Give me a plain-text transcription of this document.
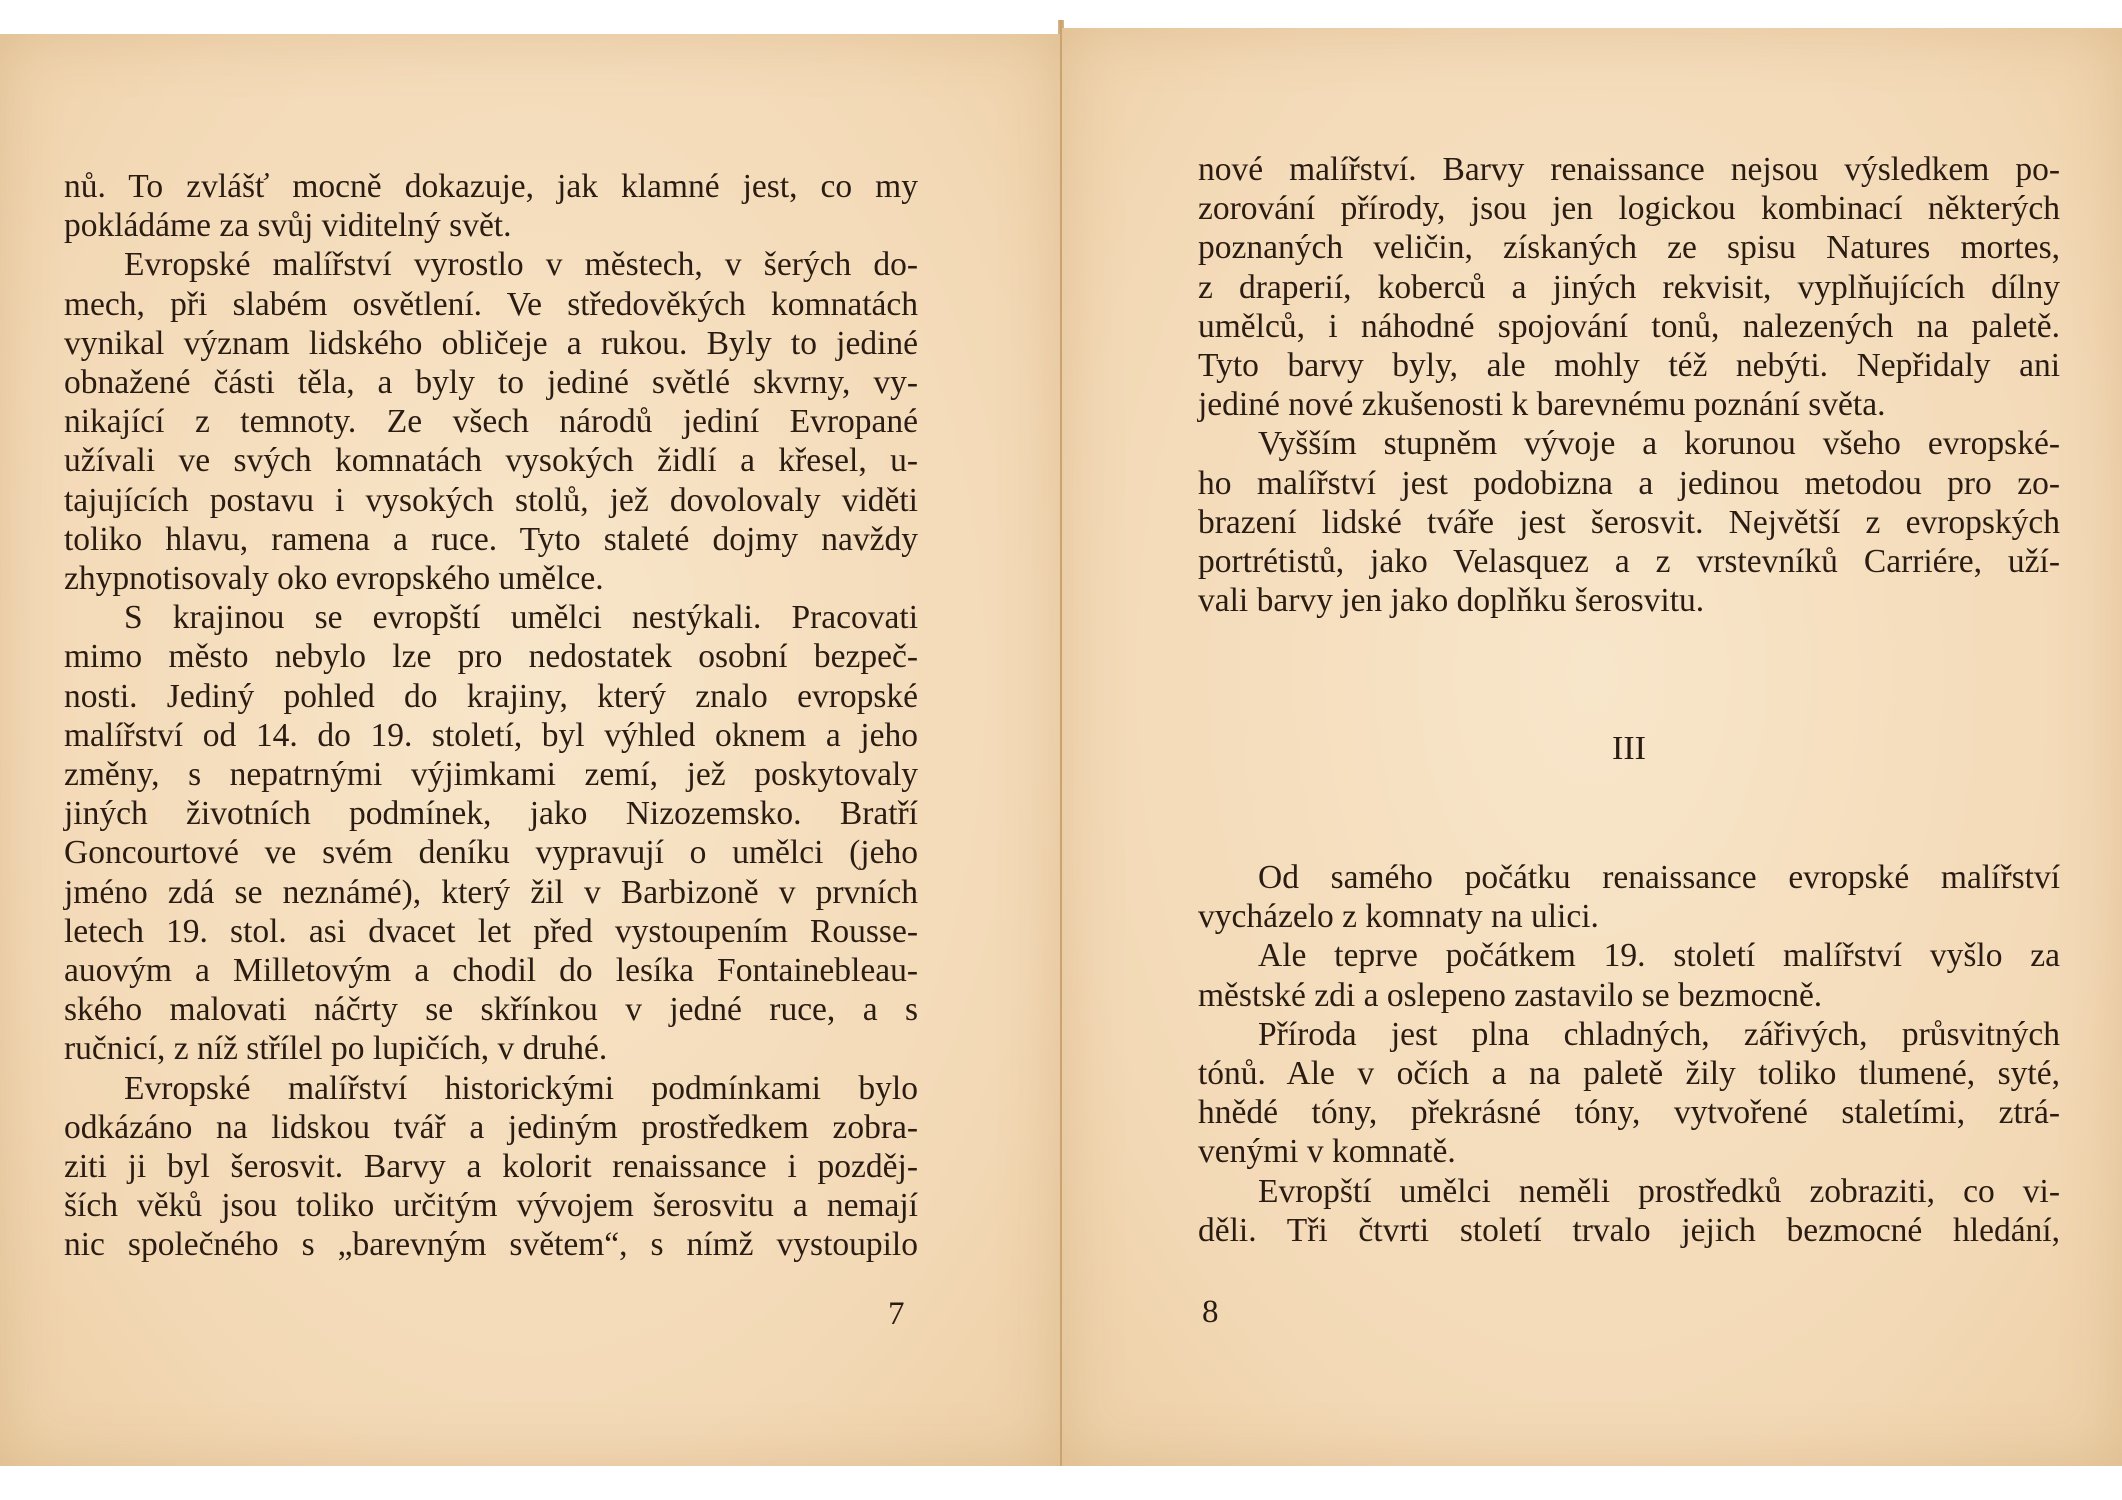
nů. To zvlášť mocně dokazuje, jak klamné jest, co my

pokládáme za svůj viditelný svět.

Evropské malířství vyrostlo v městech, v šerých do-

mech, při slabém osvětlení. Ve středověkých komnatách

vynikal význam lidského obličeje a rukou. Byly to jediné

obnažené části těla, a byly to jediné světlé skvrny, vy-

nikající z temnoty. Ze všech národů jediní Evropané

užívali ve svých komnatách vysokých židlí a křesel, u-

tajujících postavu i vysokých stolů, jež dovolovaly viděti

toliko hlavu, ramena a ruce. Tyto staleté dojmy navždy

zhypnotisovaly oko evropského umělce.

S krajinou se evropští umělci nestýkali. Pracovati

mimo město nebylo lze pro nedostatek osobní bezpeč-

nosti. Jediný pohled do krajiny, který znalo evropské

malířství od 14. do 19. století, byl výhled oknem a jeho

změny, s nepatrnými výjimkami zemí, jež poskytovaly

jiných životních podmínek, jako Nizozemsko. Bratří

Goncourtové ve svém deníku vypravují o umělci (jeho

jméno zdá se neznámé), který žil v Barbizoně v prvních

letech 19. stol. asi dvacet let před vystoupením Rousse-

auovým a Milletovým a chodil do lesíka Fontainebleau-

ského malovati náčrty se skřínkou v jedné ruce, a s

ručnicí, z níž střílel po lupičích, v druhé.

Evropské malířství historickými podmínkami bylo

odkázáno na lidskou tvář a jediným prostředkem zobra-

ziti ji byl šerosvit. Barvy a kolorit renaissance i pozděj-

ších věků jsou toliko určitým vývojem šerosvitu a nemají

nic společného s „barevným světem“, s nímž vystoupilo

7

nové malířství. Barvy renaissance nejsou výsledkem po-

zorování přírody, jsou jen logickou kombinací některých

poznaných veličin, získaných ze spisu Natures mortes,

z draperií, koberců a jiných rekvisit, vyplňujících dílny

umělců, i náhodné spojování tonů, nalezených na paletě.

Tyto barvy byly, ale mohly též nebýti. Nepřidaly ani

jediné nové zkušenosti k barevnému poznání světa.

Vyšším stupněm vývoje a korunou všeho evropské-

ho malířství jest podobizna a jedinou metodou pro zo-

brazení lidské tváře jest šerosvit. Největší z evropských

portrétistů, jako Velasquez a z vrstevníků Carriére, uží-

vali barvy jen jako doplňku šerosvitu.

III

Od samého počátku renaissance evropské malířství

vycházelo z komnaty na ulici.

Ale teprve počátkem 19. století malířství vyšlo za

městské zdi a oslepeno zastavilo se bezmocně.

Příroda jest plna chladných, zářivých, průsvitných

tónů. Ale v očích a na paletě žily toliko tlumené, syté,

hnědé tóny, překrásné tóny, vytvořené staletími, ztrá-

venými v komnatě.

Evropští umělci neměli prostředků zobraziti, co vi-

děli. Tři čtvrti století trvalo jejich bezmocné hledání,

8
